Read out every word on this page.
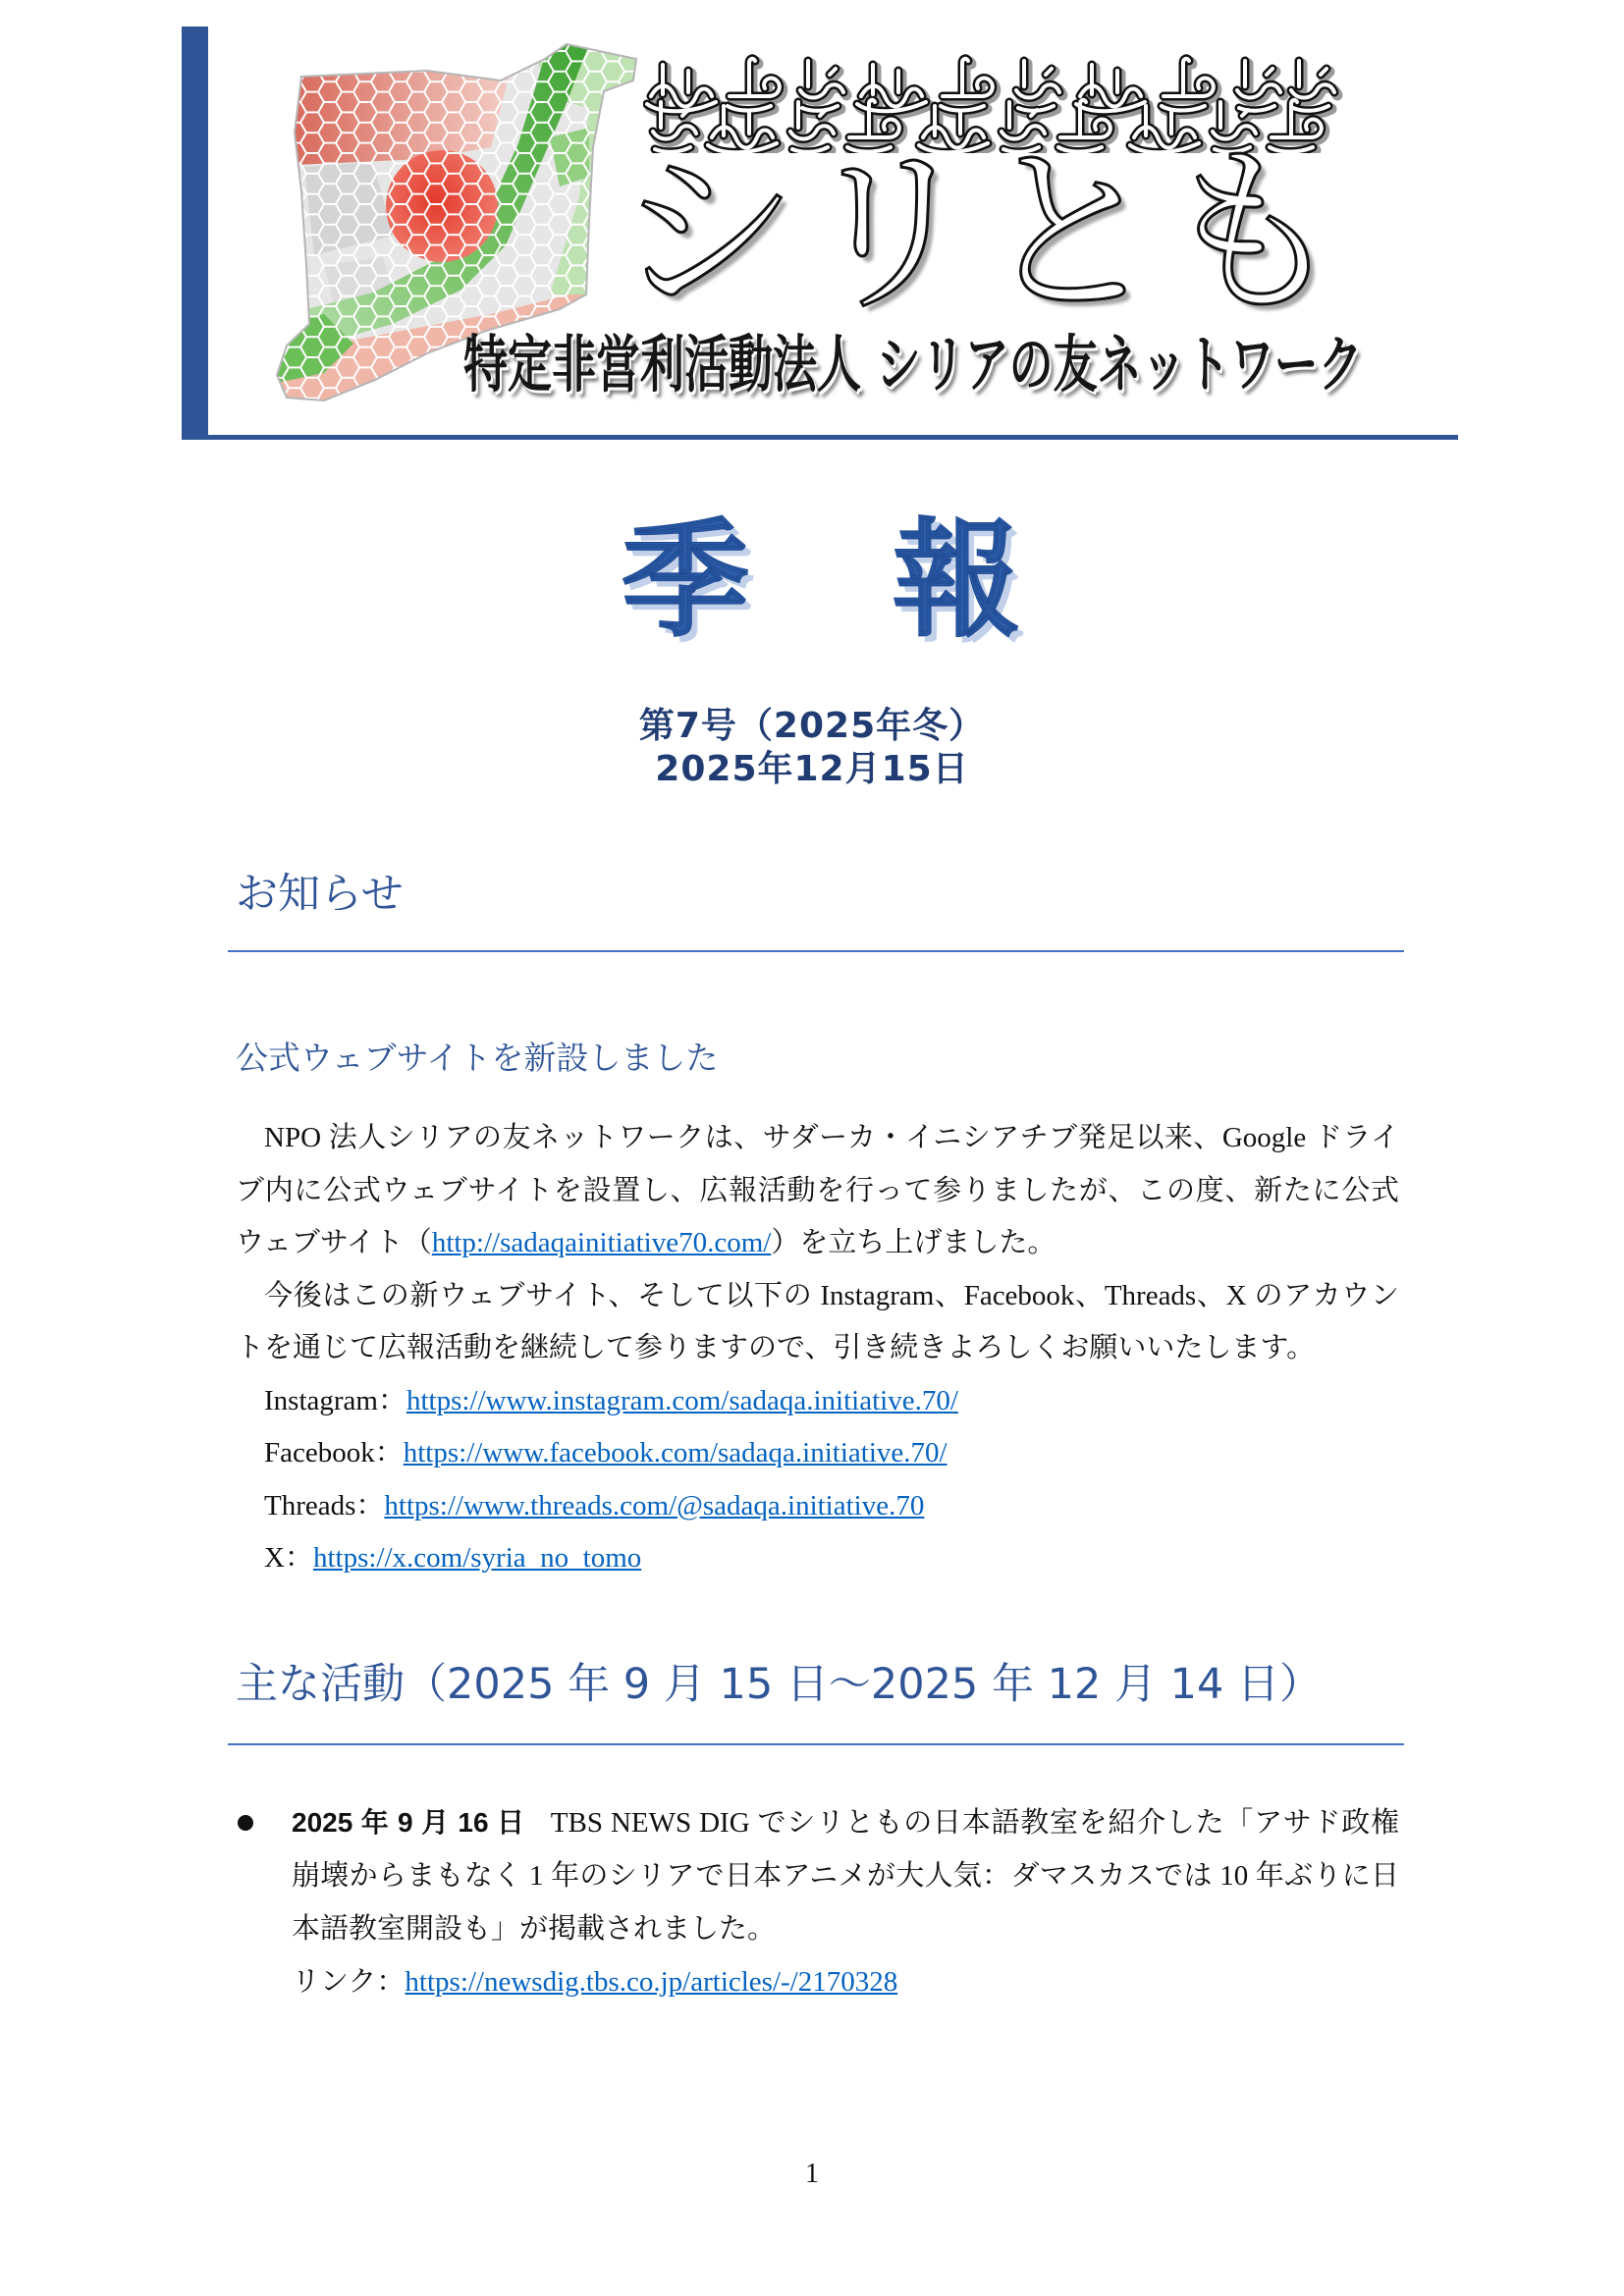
シリとも
特定非営利活動法人 シリアの友ネットワーク
季　報
第7号（2025年冬）
2025年12月15日
お知らせ
公式ウェブサイトを新設しました

NPO 法人シリアの友ネットワークは、サダーカ・イニシアチブ発足以来、Google ドライブ内に公式ウェブサイトを設置し、広報活動を行って参りましたが、この度、新たに公式ウェブサイト（http://sadaqainitiative70.com/）を立ち上げました。

今後はこの新ウェブサイト、そして以下の Instagram、Facebook、Threads、X のアカウントを通じて広報活動を継続して参りますので、引き続きよろしくお願いいたします。

Instagram：https://www.instagram.com/sadaqa.initiative.70/
Facebook：https://www.facebook.com/sadaqa.initiative.70/
Threads：https://www.threads.com/@sadaqa.initiative.70
X：https://x.com/syria_no_tomo
主な活動（2025 年 9 月 15 日～2025 年 12 月 14 日）

2025 年 9 月 16 日 TBS NEWS DIG でシリともの日本語教室を紹介した「アサド政権崩壊からまもなく 1 年のシリアで日本アニメが大人気：ダマスカスでは 10 年ぶりに日本語教室開設も」が掲載されました。

リンク：https://newsdig.tbs.co.jp/articles/-/2170328
1
